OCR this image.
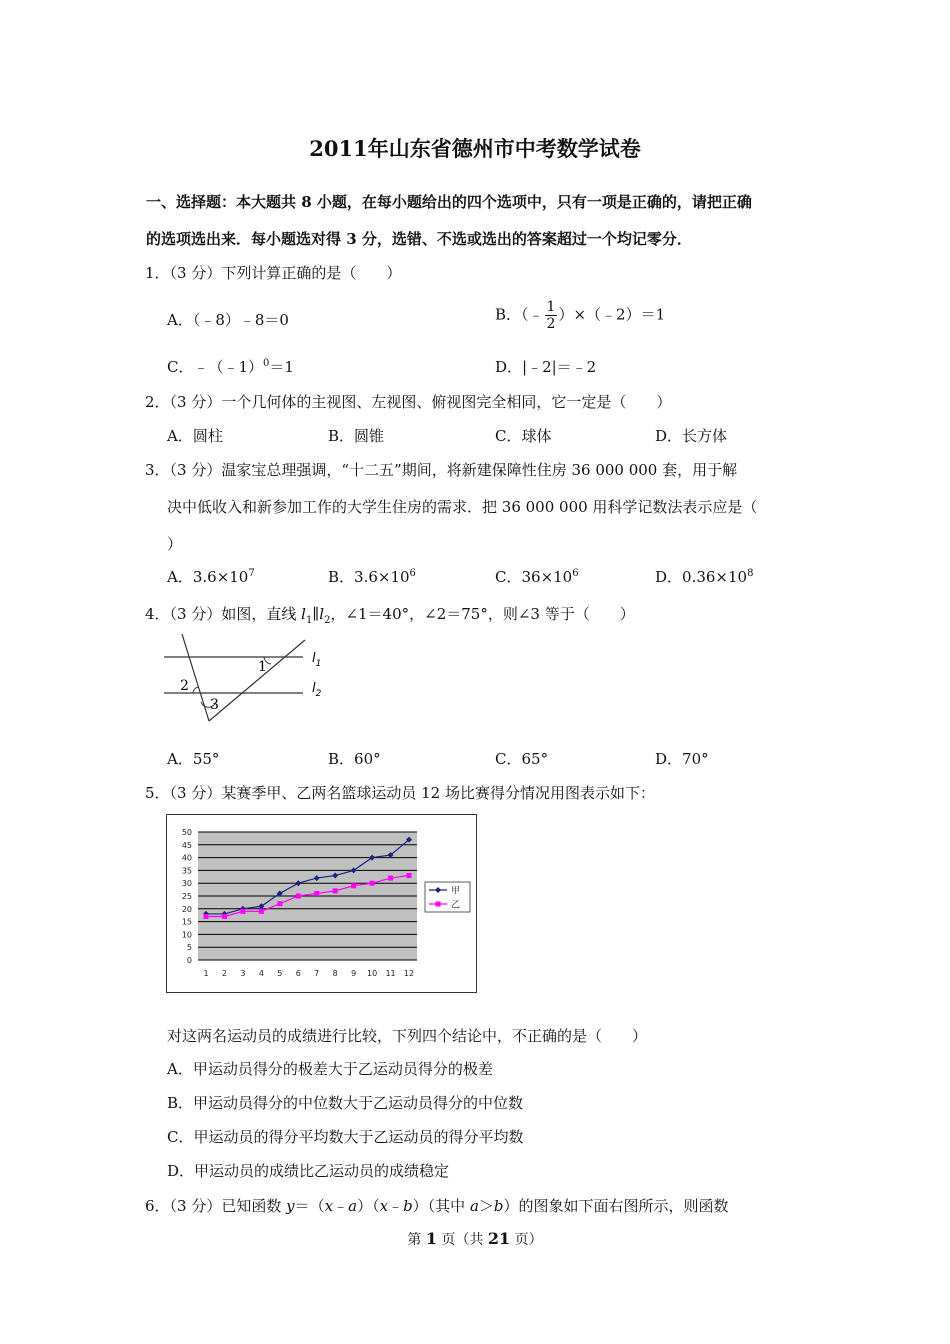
2011年山东省德州市中考数学试卷
一、选择题：本大题共 8 小题，在每小题给出的四个选项中，只有一项是正确的，请把正确
的选项选出来．每小题选对得 3 分，选错、不选或选出的答案超过一个均记零分．
1．（3 分）下列计算正确的是（　　）
A．（﹣8）﹣8＝0	B．（﹣ $\frac{1}{2}$ ）×（﹣2）＝1
C．﹣（﹣1）$^0$＝1	D．|﹣2|＝﹣2
2．（3 分）一个几何体的主视图、左视图、俯视图完全相同，它一定是（　　）
A．圆柱	B．圆锥	C．球体	D．长方体
3．（3 分）温家宝总理强调，“十二五”期间，将新建保障性住房 36 000 000 套，用于解
决中低收入和新参加工作的大学生住房的需求．把 36 000 000 用科学记数法表示应是（
）
A．$3.6\times 10^7$	B．$3.6\times 10^6$	C．$36\times 10^6$	D．$0.36\times 10^8$
4．（3 分）如图，直线 $l_1\parallel l_2$，∠1＝40°，∠2＝75°，则∠3 等于（　　）
1
2
3
$l_1$
$l_2$
A．55°	B．60°	C．65°	D．70°
5．（3 分）某赛季甲、乙两名篮球运动员 12 场比赛得分情况用图表示如下：
0
5
10
15
20
25
30
35
40
45
50
1 2 3 4 5 6 7 8 9 10 11 12
甲
乙
对这两名运动员的成绩进行比较，下列四个结论中，不正确的是（　　）
A．甲运动员得分的极差大于乙运动员得分的极差
B．甲运动员得分的中位数大于乙运动员得分的中位数
C．甲运动员的得分平均数大于乙运动员的得分平均数
D．甲运动员的成绩比乙运动员的成绩稳定
6．（3 分）已知函数 y＝（x﹣a）（x﹣b）（其中 a＞b）的图象如下面右图所示，则函数
第 1 页（共 21 页）
